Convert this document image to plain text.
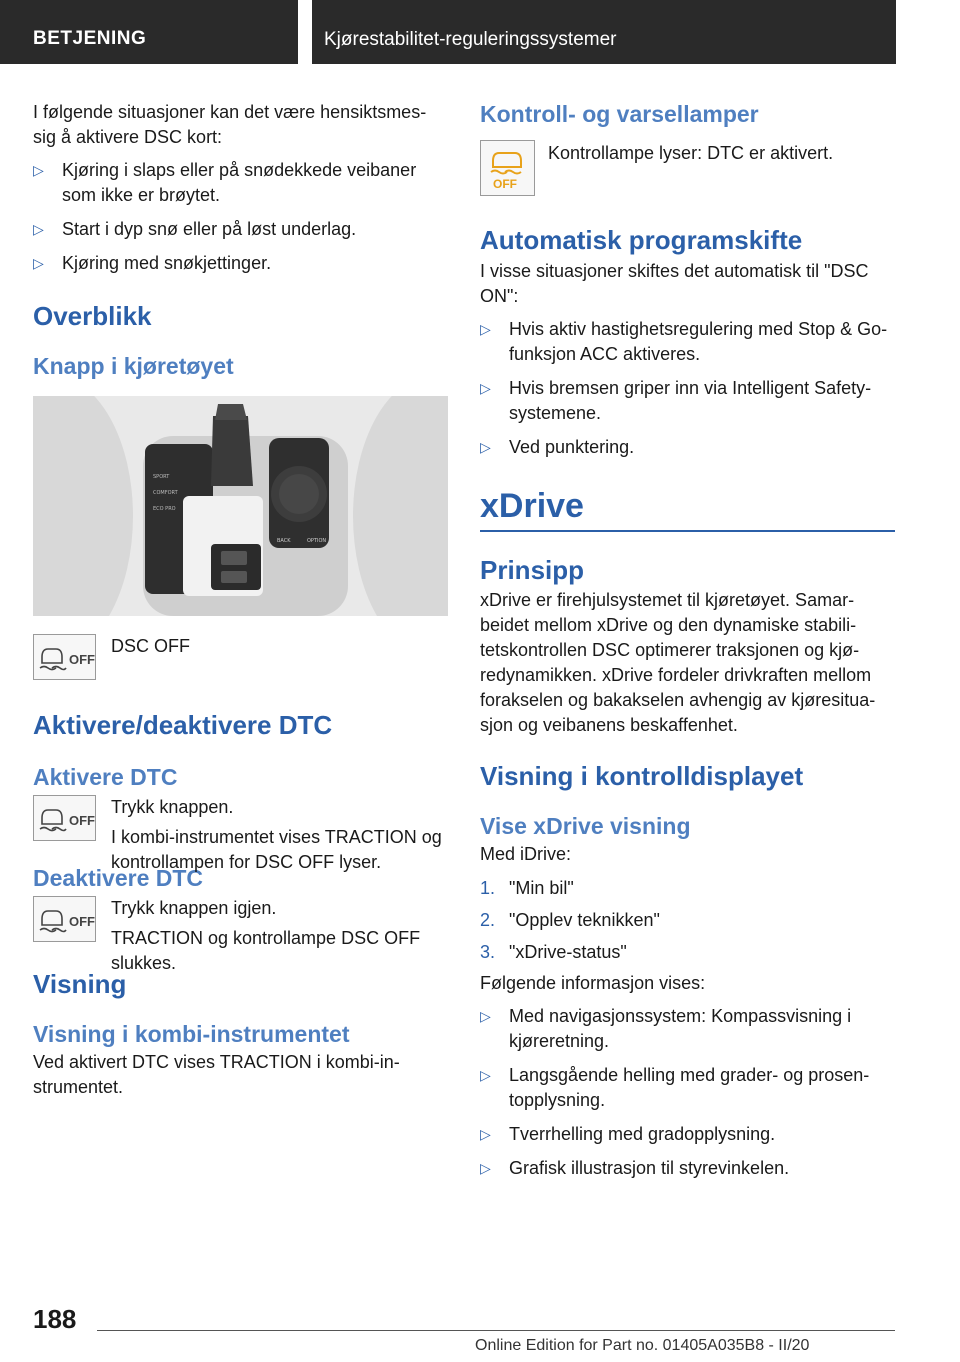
BETJENING	Kjørestabilitet-reguleringssystemer

I følgende situasjoner kan det være hensiktsmes-sig å aktivere DSC kort:

▷ Kjøring i slaps eller på snødekkede veibaner som ikke er brøytet.
▷ Start i dyp snø eller på løst underlag.
▷ Kjøring med snøkjettinger.
Overblikk
Knapp i kjøretøyet
SPORT
COMFORT
ECO PRO
BACK	OPTION
OFF
DSC OFF
Aktivere/deaktivere DTC
Aktivere DTC
OFF
Trykk knappen.
I kombi-instrumentet vises TRACTION og kontrollampen for DSC OFF lyser.
Deaktivere DTC
OFF
Trykk knappen igjen.
TRACTION og kontrollampe DSC OFF slukkes.
Visning
Visning i kombi-instrumentet

Ved aktivert DTC vises TRACTION i kombi-in-strumentet.

Kontroll- og varsellamper
OFF
Kontrollampe lyser: DTC er aktivert.
Automatisk programskifte

I visse situasjoner skiftes det automatisk til "DSC ON":

▷ Hvis aktiv hastighetsregulering med Stop & Go-funksjon ACC aktiveres.
▷ Hvis bremsen griper inn via Intelligent Safety-systemene.
▷ Ved punktering.
xDrive
Prinsipp

xDrive er firehjulsystemet til kjøretøyet. Samar-beidet mellom xDrive og den dynamiske stabili-tetskontrollen DSC optimerer traksjonen og kjø-redynamikken. xDrive fordeler drivkraften mellom forakselen og bakakselen avhengig av kjøresitua-sjon og veibanens beskaffenhet.

Visning i kontrolldisplayet
Vise xDrive visning

Med iDrive:

1. "Min bil"
2. "Opplev teknikken"
3. "xDrive-status"

Følgende informasjon vises:

▷ Med navigasjonssystem: Kompassvisning i kjøreretning.
▷ Langsgående helling med grader- og prosen-topplysning.
▷ Tverrhelling med gradopplysning.
▷ Grafisk illustrasjon til styrevinkelen.
188
Online Edition for Part no. 01405A035B8 - II/20
